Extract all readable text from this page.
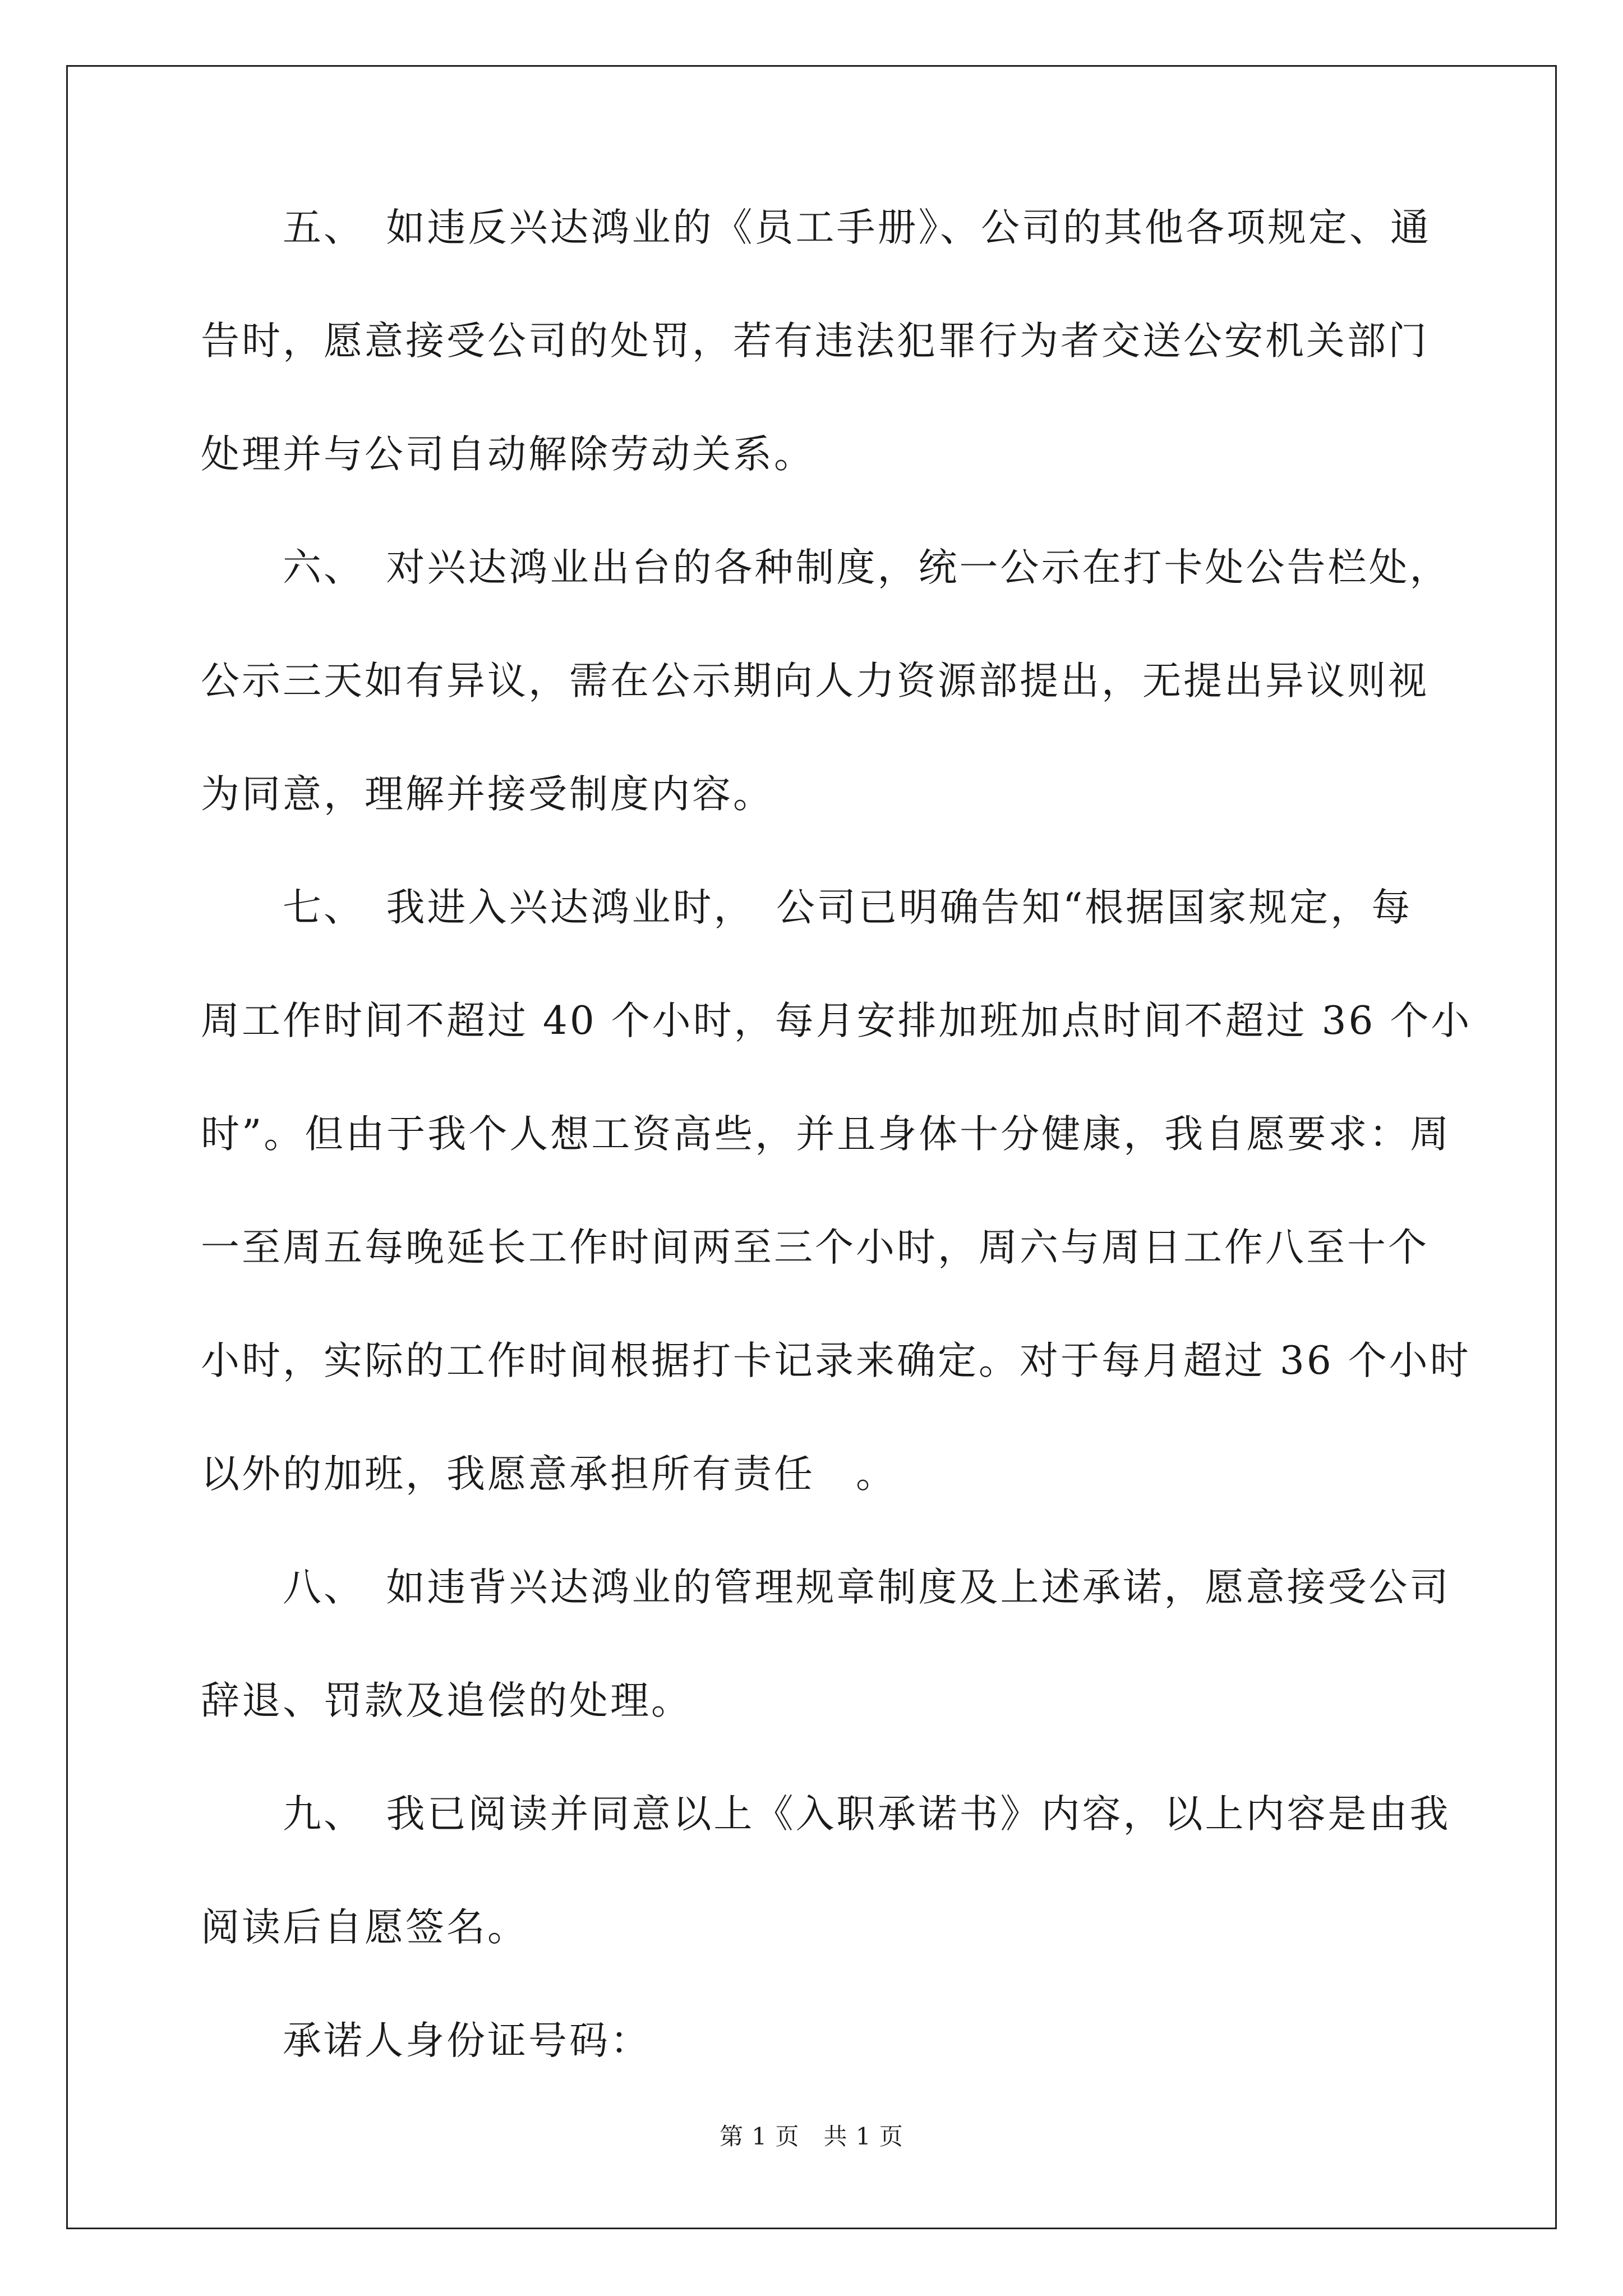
　　五、　如违反兴达鸿业的《员工手册》、公司的其他各项规定、通
告时，愿意接受公司的处罚，若有违法犯罪行为者交送公安机关部门
处理并与公司自动解除劳动关系。
　　六、　对兴达鸿业出台的各种制度，统一公示在打卡处公告栏处，
公示三天如有异议，需在公示期向人力资源部提出，无提出异议则视
为同意，理解并接受制度内容。
　　七、　我进入兴达鸿业时，　公司已明确告知“根据国家规定，每
周工作时间不超过 40 个小时，每月安排加班加点时间不超过 36 个小
时”。但由于我个人想工资高些，并且身体十分健康，我自愿要求：周
一至周五每晚延长工作时间两至三个小时，周六与周日工作八至十个
小时，实际的工作时间根据打卡记录来确定。对于每月超过 36 个小时
以外的加班，我愿意承担所有责任　。
　　八、　如违背兴达鸿业的管理规章制度及上述承诺，愿意接受公司
辞退、罚款及追偿的处理。
　　九、　我已阅读并同意以上《入职承诺书》内容，以上内容是由我
阅读后自愿签名。
　　承诺人身份证号码：
第 1 页　共 1 页
